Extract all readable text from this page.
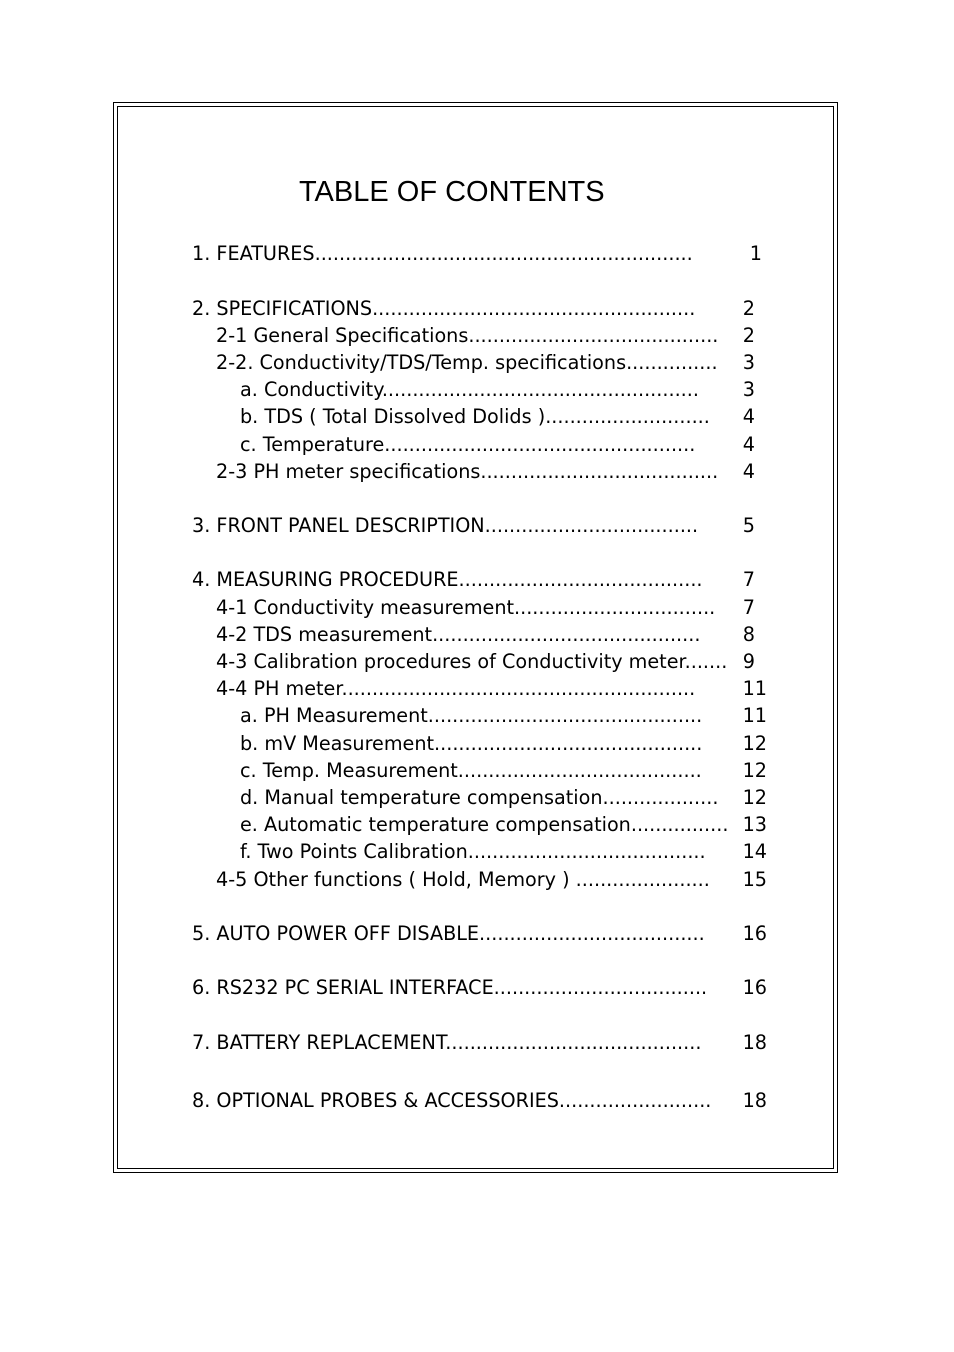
TABLE OF CONTENTS
1. FEATURES..............................................................	1
2. SPECIFICATIONS.....................................................	2
2-1 General Specifications.........................................	2
2-2. Conductivity/TDS/Temp. specifications...............	3
a. Conductivity....................................................	3
b. TDS ( Total Dissolved Dolids )...........................	4
c. Temperature...................................................	4
2-3 PH meter specifications.......................................	4
3. FRONT PANEL DESCRIPTION...................................	5
4. MEASURING PROCEDURE........................................	7
4-1 Conductivity measurement.................................	7
4-2 TDS measurement............................................	8
4-3 Calibration procedures of Conductivity meter....... 9
4-4 PH meter..........................................................	11
a. PH Measurement.............................................	11
b. mV Measurement............................................	12
c. Temp. Measurement........................................	12
d. Manual temperature compensation...................	12
e. Automatic temperature compensation................ 13
f. Two Points Calibration.......................................	14
4-5 Other functions ( Hold, Memory ) ......................	15
5. AUTO POWER OFF DISABLE.....................................	16
6. RS232 PC SERIAL INTERFACE...................................	16
7. BATTERY REPLACEMENT..........................................	18
8. OPTIONAL PROBES & ACCESSORIES.........................	18
